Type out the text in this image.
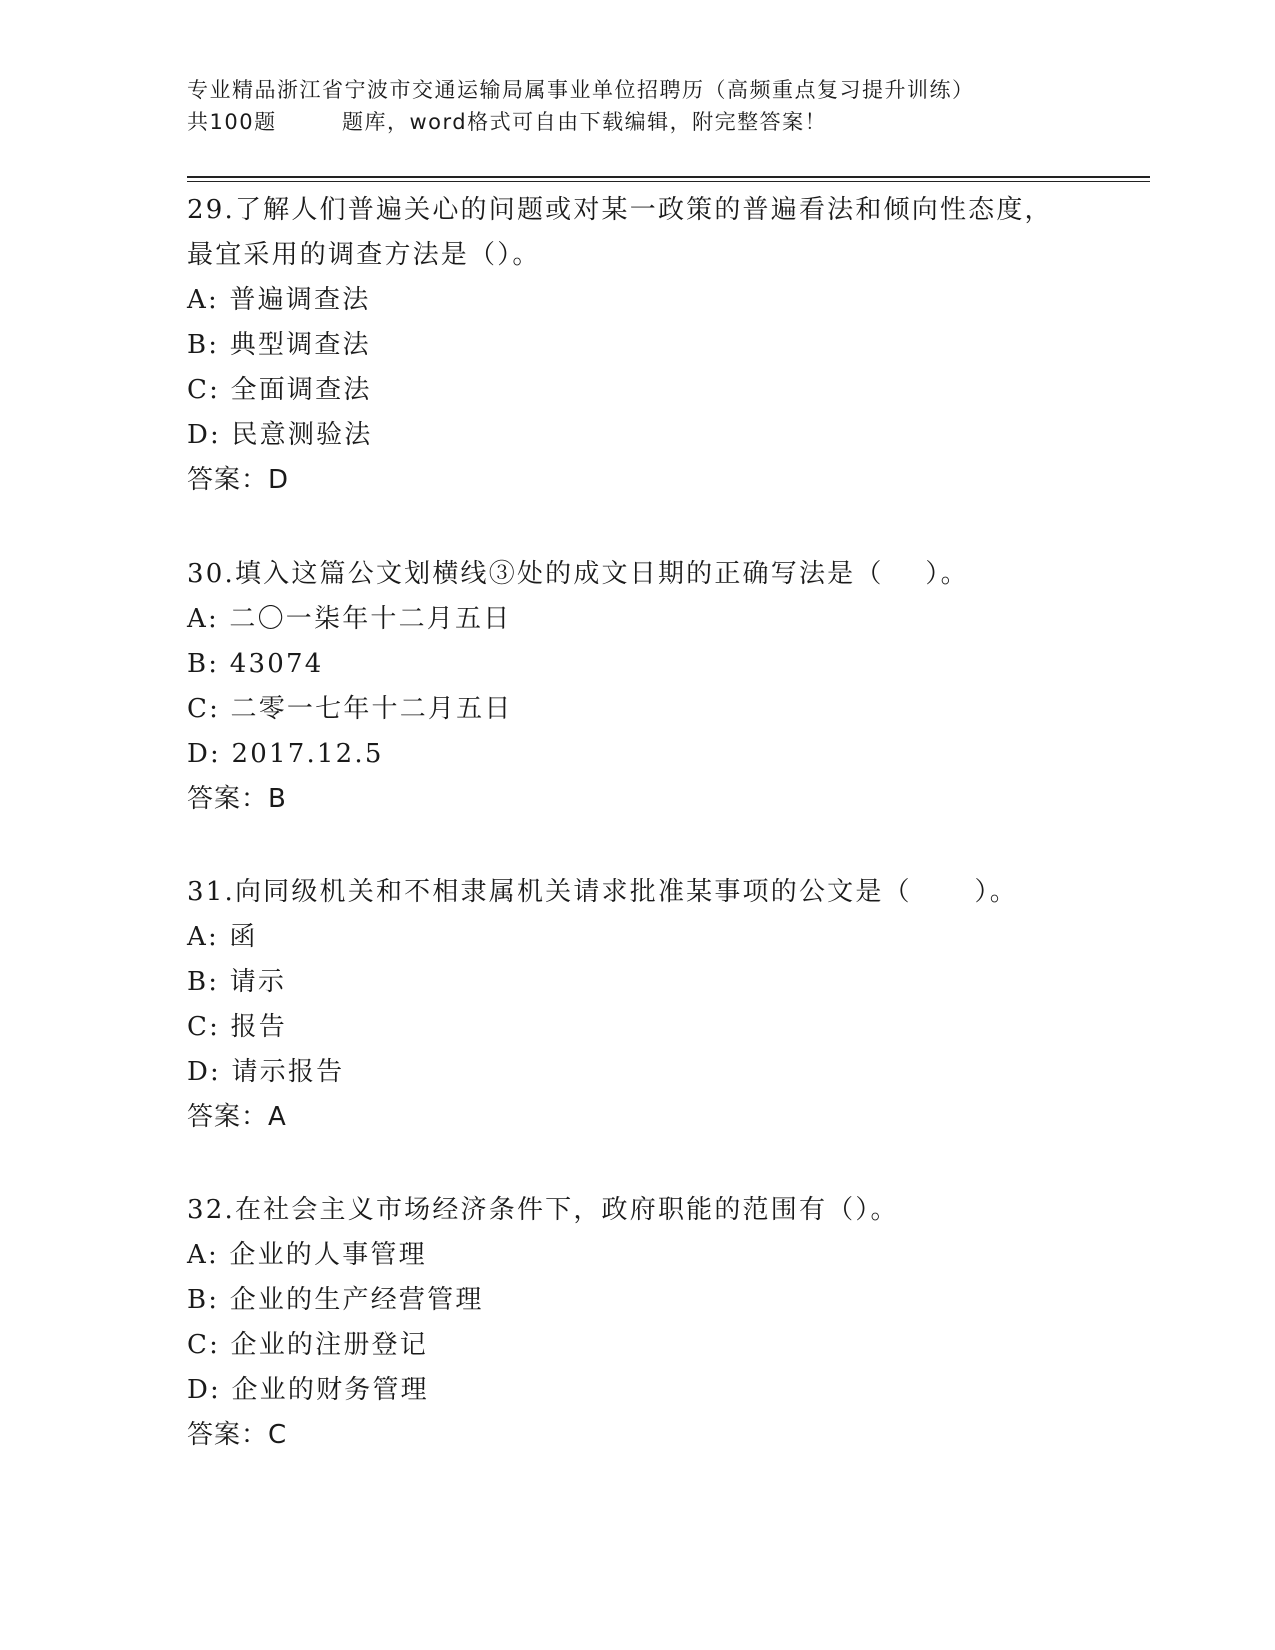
专业精品浙江省宁波市交通运输局属事业单位招聘历（高频重点复习提升训练）
共100题        题库，word格式可自由下载编辑，附完整答案！
29.了解人们普遍关心的问题或对某一政策的普遍看法和倾向性态度，
最宜采用的调查方法是（）。
A: 普遍调查法
B: 典型调查法
C: 全面调查法
D: 民意测验法
答案：D
30.填入这篇公文划横线③处的成文日期的正确写法是（    ）。
A: 二〇一柒年十二月五日
B: 43074
C: 二零一七年十二月五日
D: 2017.12.5
答案：B
31.向同级机关和不相隶属机关请求批准某事项的公文是（      ）。
A: 函
B: 请示
C: 报告
D: 请示报告
答案：A
32.在社会主义市场经济条件下，政府职能的范围有（）。
A: 企业的人事管理
B: 企业的生产经营管理
C: 企业的注册登记
D: 企业的财务管理
答案：C
